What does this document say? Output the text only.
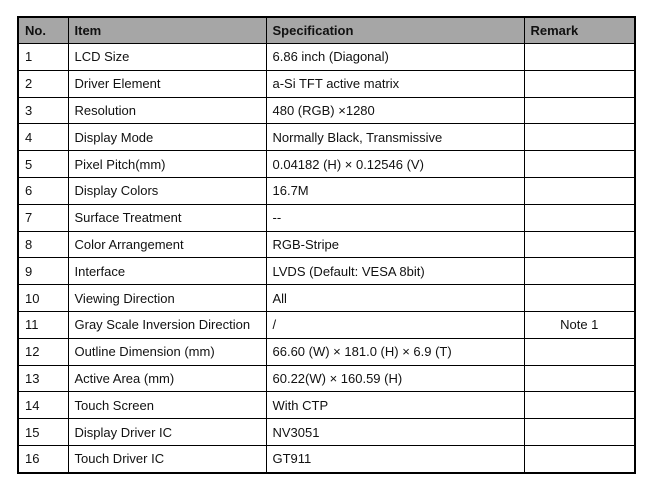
No.	Item	Specification	Remark
1	LCD Size	6.86 inch (Diagonal)	
2	Driver Element	a-Si TFT active matrix	
3	Resolution	480 (RGB) ×1280	
4	Display Mode	Normally Black, Transmissive	
5	Pixel Pitch(mm)	0.04182 (H) × 0.12546 (V)	
6	Display Colors	16.7M	
7	Surface Treatment	--	
8	Color Arrangement	RGB-Stripe	
9	Interface	LVDS (Default: VESA 8bit)	
10	Viewing Direction	All	
11	Gray Scale Inversion Direction	/	Note 1
12	Outline Dimension (mm)	66.60 (W) × 181.0 (H) × 6.9 (T)	
13	Active Area (mm)	60.22(W) × 160.59 (H)	
14	Touch Screen	With CTP	
15	Display Driver IC	NV3051	
16	Touch Driver IC	GT911	
